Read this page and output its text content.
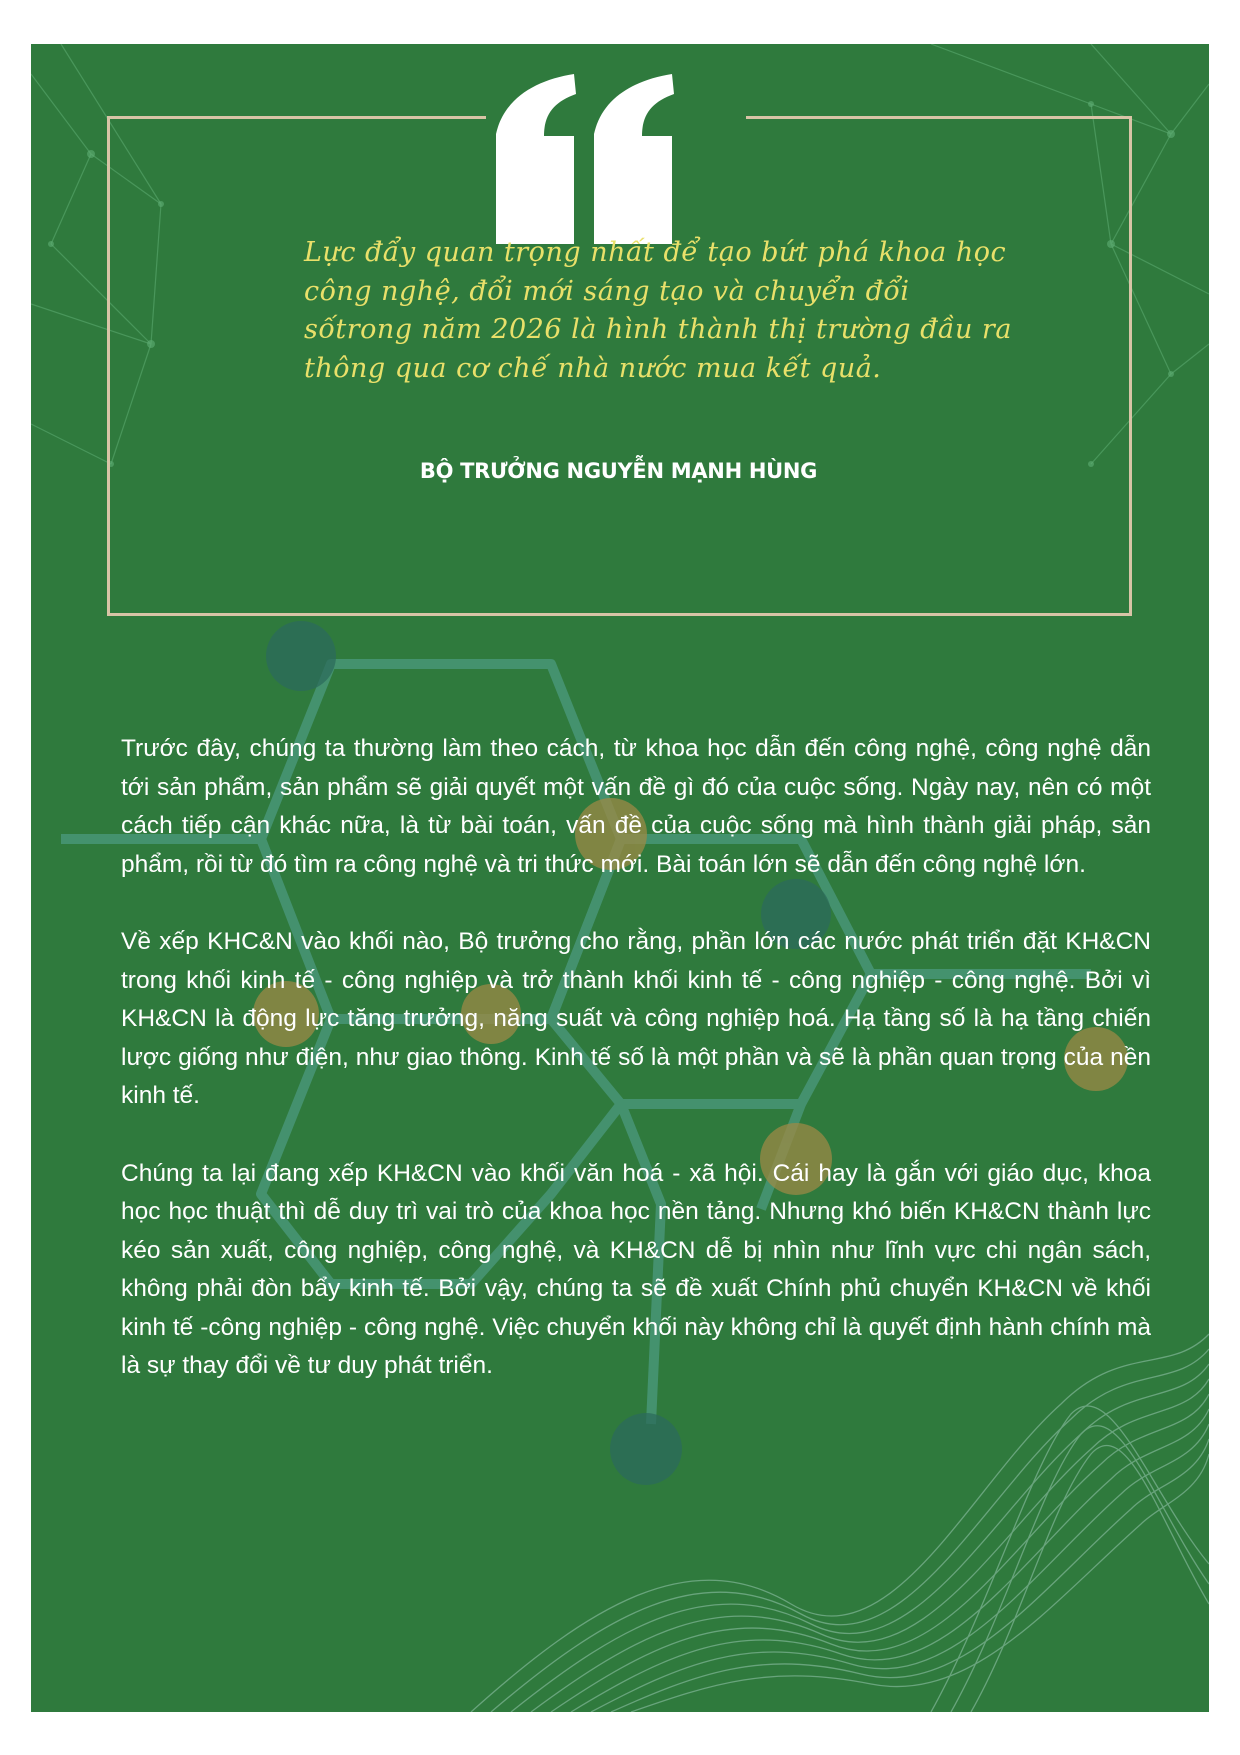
Lực đẩy quan trọng nhất để tạo bứt phá khoa học công nghệ, đổi mới sáng tạo và chuyển đổi sốtrong năm 2026 là hình thành thị trường đầu ra thông qua cơ chế nhà nước mua kết quả.

BỘ TRƯỞNG NGUYỄN MẠNH HÙNG

Trước đây, chúng ta thường làm theo cách, từ khoa học dẫn đến công nghệ, công nghệ dẫn tới sản phẩm, sản phẩm sẽ giải quyết một vấn đề gì đó của cuộc sống. Ngày nay, nên có một cách tiếp cận khác nữa, là từ bài toán, vấn đề của cuộc sống mà hình thành giải pháp, sản phẩm, rồi từ đó tìm ra công nghệ và tri thức mới. Bài toán lớn sẽ dẫn đến công nghệ lớn.

Về xếp KHC&N vào khối nào, Bộ trưởng cho rằng, phần lớn các nước phát triển đặt KH&CN trong khối kinh tế - công nghiệp và trở thành khối kinh tế - công nghiệp - công nghệ. Bởi vì KH&CN là động lực tăng trưởng, năng suất và công nghiệp hoá. Hạ tầng số là hạ tầng chiến lược giống như điện, như giao thông. Kinh tế số là một phần và sẽ là phần quan trọng của nền kinh tế.

Chúng ta lại đang xếp KH&CN vào khối văn hoá - xã hội. Cái hay là gắn với giáo dục, khoa học học thuật thì dễ duy trì vai trò của khoa học nền tảng. Nhưng khó biến KH&CN thành lực kéo sản xuất, công nghiệp, công nghệ, và KH&CN dễ bị nhìn như lĩnh vực chi ngân sách, không phải đòn bẩy kinh tế. Bởi vậy, chúng ta sẽ đề xuất Chính phủ chuyển KH&CN về khối kinh tế -công nghiệp - công nghệ. Việc chuyển khối này không chỉ là quyết định hành chính mà là sự thay đổi về tư duy phát triển.
